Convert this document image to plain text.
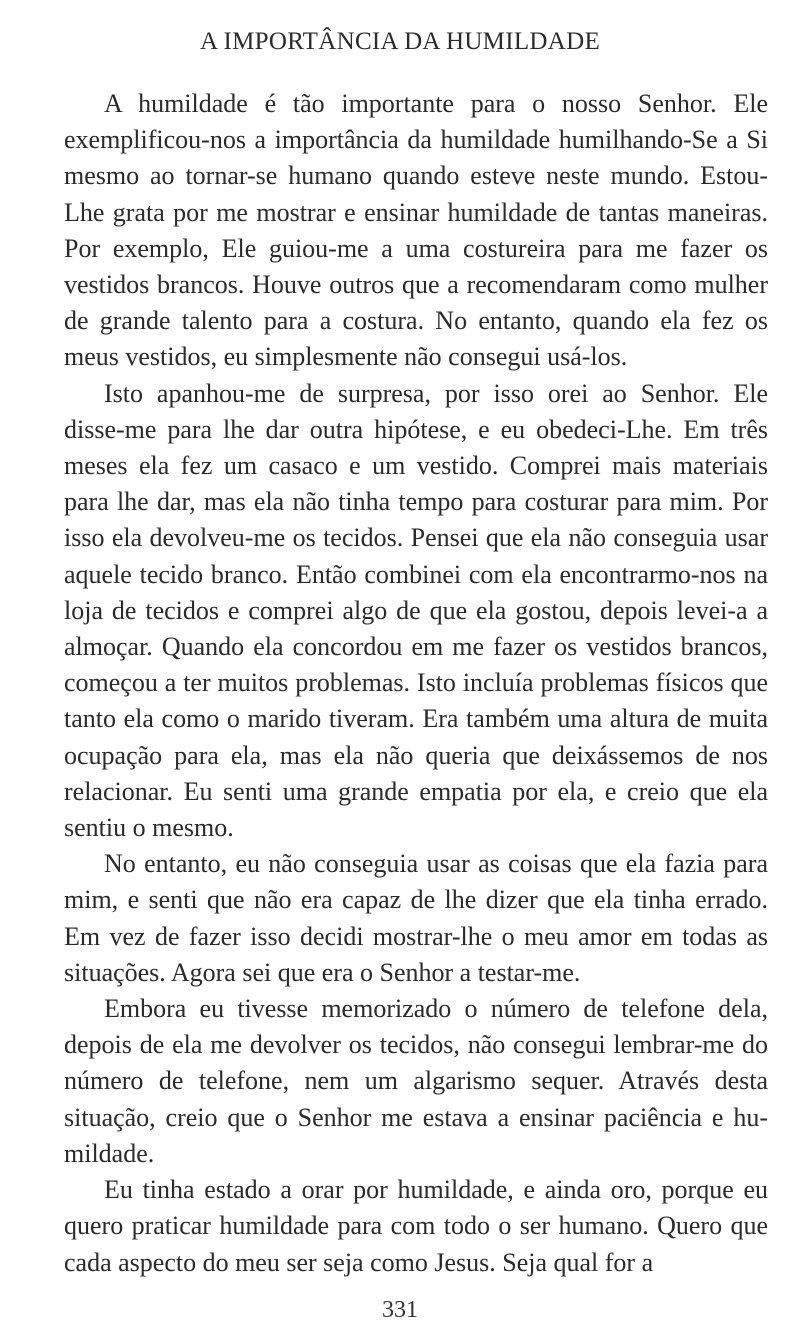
A IMPORTÂNCIA DA HUMILDADE

A humildade é tão importante para o nosso Senhor. Ele exemplificou-nos a importância da humildade humilhando-Se a Si mesmo ao tornar-se humano quando esteve neste mundo. Estou-Lhe grata por me mostrar e ensinar humildade de tantas maneiras. Por exemplo, Ele guiou-me a uma costureira para me fazer os vestidos brancos. Houve outros que a recomendaram como mulher de grande talento para a costura. No entanto, quando ela fez os meus vestidos, eu simplesmente não consegui usá-los.

Isto apanhou-me de surpresa, por isso orei ao Senhor. Ele disse-me para lhe dar outra hipótese, e eu obedeci-Lhe. Em três meses ela fez um casaco e um vestido. Comprei mais materiais para lhe dar, mas ela não tinha tempo para costurar para mim. Por isso ela devolveu-me os tecidos. Pensei que ela não conseguia usar aquele tecido branco. Então combinei com ela encontrarmo-nos na loja de tecidos e comprei algo de que ela gostou, depois levei-a a almoçar. Quando ela concordou em me fazer os vestidos brancos, começou a ter muitos problemas. Isto incluía problemas físicos que tanto ela como o marido tiveram. Era também uma altura de muita ocupação para ela, mas ela não queria que deixássemos de nos relacionar. Eu senti uma grande empatia por ela, e creio que ela sentiu o mesmo.

No entanto, eu não conseguia usar as coisas que ela fazia para mim, e senti que não era capaz de lhe dizer que ela tinha errado. Em vez de fazer isso decidi mostrar-lhe o meu amor em todas as situações. Agora sei que era o Senhor a testar-me.

Embora eu tivesse memorizado o número de telefone dela, depois de ela me devolver os tecidos, não consegui lembrar-me do número de telefone, nem um algarismo sequer. Através desta situação, creio que o Senhor me estava a ensinar paciência e humildade.

Eu tinha estado a orar por humildade, e ainda oro, porque eu quero praticar humildade para com todo o ser humano. Quero que cada aspecto do meu ser seja como Jesus. Seja qual for a

331
